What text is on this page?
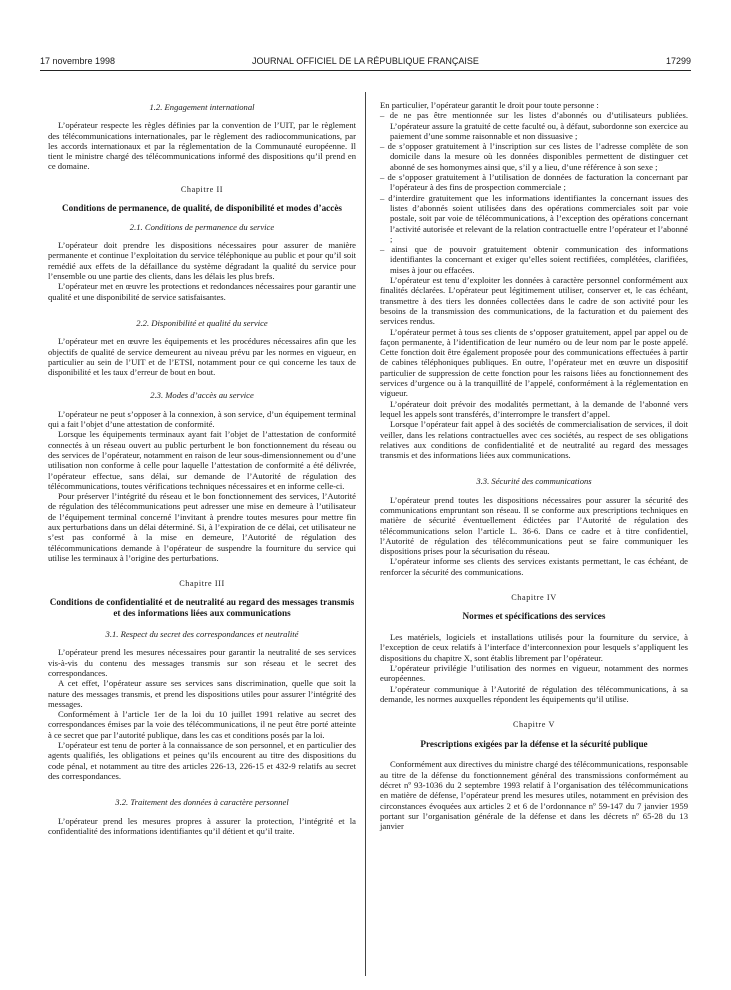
17 novembre 1998	JOURNAL OFFICIEL DE LA RÉPUBLIQUE FRANÇAISE	17299
1.2. Engagement international

L’opérateur respecte les règles définies par la convention de l’UIT, par le règlement des télécommunications internationales, par le règlement des radiocommunications, par les accords internationaux et par la réglementation de la Communauté européenne. Il tient le ministre chargé des télécommunications informé des dispositions qu’il prend en ce domaine.

Chapitre II
Conditions de permanence, de qualité, de disponibilité et modes d’accès
2.1. Conditions de permanence du service

L’opérateur doit prendre les dispositions nécessaires pour assurer de manière permanente et continue l’exploitation du service téléphonique au public et pour qu’il soit remédié aux effets de la défaillance du système dégradant la qualité du service pour l’ensemble ou une partie des clients, dans les délais les plus brefs.

L’opérateur met en œuvre les protections et redondances nécessaires pour garantir une qualité et une disponibilité de service satisfaisantes.

2.2. Disponibilité et qualité du service

L’opérateur met en œuvre les équipements et les procédures nécessaires afin que les objectifs de qualité de service demeurent au niveau prévu par les normes en vigueur, en particulier au sein de l’UIT et de l’ETSI, notamment pour ce qui concerne les taux de disponibilité et les taux d’erreur de bout en bout.

2.3. Modes d’accès au service

L’opérateur ne peut s’opposer à la connexion, à son service, d’un équipement terminal qui a fait l’objet d’une attestation de conformité.

Lorsque les équipements terminaux ayant fait l’objet de l’attestation de conformité connectés à un réseau ouvert au public perturbent le bon fonctionnement du réseau ou des services de l’opérateur, notamment en raison de leur sous-dimensionnement ou d’une utilisation non conforme à celle pour laquelle l’attestation de conformité a été délivrée, l’opérateur effectue, sans délai, sur demande de l’Autorité de régulation des télécommunications, toutes vérifications techniques nécessaires et en informe celle-ci.

Pour préserver l’intégrité du réseau et le bon fonctionnement des services, l’Autorité de régulation des télécommunications peut adresser une mise en demeure à l’utilisateur de l’équipement terminal concerné l’invitant à prendre toutes mesures pour mettre fin aux perturbations dans un délai déterminé. Si, à l’expiration de ce délai, cet utilisateur ne s’est pas conformé à la mise en demeure, l’Autorité de régulation des télécommunications demande à l’opérateur de suspendre la fourniture du service qui utilise les terminaux à l’origine des perturbations.

Chapitre III
Conditions de confidentialité et de neutralité au regard des messages transmis et des informations liées aux communications
3.1. Respect du secret des correspondances et neutralité

L’opérateur prend les mesures nécessaires pour garantir la neutralité de ses services vis-à-vis du contenu des messages transmis sur son réseau et le secret des correspondances.

A cet effet, l’opérateur assure ses services sans discrimination, quelle que soit la nature des messages transmis, et prend les dispositions utiles pour assurer l’intégrité des messages.

Conformément à l’article 1er de la loi du 10 juillet 1991 relative au secret des correspondances émises par la voie des télécommunications, il ne peut être porté atteinte à ce secret que par l’autorité publique, dans les cas et conditions posés par la loi.

L’opérateur est tenu de porter à la connaissance de son personnel, et en particulier des agents qualifiés, les obligations et peines qu’ils encourent au titre des dispositions du code pénal, et notamment au titre des articles 226-13, 226-15 et 432-9 relatifs au secret des correspondances.

3.2. Traitement des données à caractère personnel

L’opérateur prend les mesures propres à assurer la protection, l’intégrité et la confidentialité des informations identifiantes qu’il détient et qu’il traite.

En particulier, l’opérateur garantit le droit pour toute personne :

– de ne pas être mentionnée sur les listes d’abonnés ou d’utilisateurs publiées. L’opérateur assure la gratuité de cette faculté ou, à défaut, subordonne son exercice au paiement d’une somme raisonnable et non dissuasive ;
– de s’opposer gratuitement à l’inscription sur ces listes de l’adresse complète de son domicile dans la mesure où les données disponibles permettent de distinguer cet abonné de ses homonymes ainsi que, s’il y a lieu, d’une référence à son sexe ;
– de s’opposer gratuitement à l’utilisation de données de facturation la concernant par l’opérateur à des fins de prospection commerciale ;
– d’interdire gratuitement que les informations identifiantes la concernant issues des listes d’abonnés soient utilisées dans des opérations commerciales soit par voie postale, soit par voie de télécommunications, à l’exception des opérations concernant l’activité autorisée et relevant de la relation contractuelle entre l’opérateur et l’abonné ;
– ainsi que de pouvoir gratuitement obtenir communication des informations identifiantes la concernant et exiger qu’elles soient rectifiées, complétées, clarifiées, mises à jour ou effacées.

L’opérateur est tenu d’exploiter les données à caractère personnel conformément aux finalités déclarées. L’opérateur peut légitimement utiliser, conserver et, le cas échéant, transmettre à des tiers les données collectées dans le cadre de son activité pour les besoins de la transmission des communications, de la facturation et du paiement des services rendus.

L’opérateur permet à tous ses clients de s’opposer gratuitement, appel par appel ou de façon permanente, à l’identification de leur numéro ou de leur nom par le poste appelé. Cette fonction doit être également proposée pour des communications effectuées à partir de cabines téléphoniques publiques. En outre, l’opérateur met en œuvre un dispositif particulier de suppression de cette fonction pour les raisons liées au fonctionnement des services d’urgence ou à la tranquillité de l’appelé, conformément à la réglementation en vigueur.

L’opérateur doit prévoir des modalités permettant, à la demande de l’abonné vers lequel les appels sont transférés, d’interrompre le transfert d’appel.

Lorsque l’opérateur fait appel à des sociétés de commercialisation de services, il doit veiller, dans les relations contractuelles avec ces sociétés, au respect de ses obligations relatives aux conditions de confidentialité et de neutralité au regard des messages transmis et des informations liées aux communications.

3.3. Sécurité des communications

L’opérateur prend toutes les dispositions nécessaires pour assurer la sécurité des communications empruntant son réseau. Il se conforme aux prescriptions techniques en matière de sécurité éventuellement édictées par l’Autorité de régulation des télécommunications selon l’article L. 36-6. Dans ce cadre et à titre confidentiel, l’Autorité de régulation des télécommunications peut se faire communiquer les dispositions prises pour la sécurisation du réseau.

L’opérateur informe ses clients des services existants permettant, le cas échéant, de renforcer la sécurité des communications.

Chapitre IV
Normes et spécifications des services

Les matériels, logiciels et installations utilisés pour la fourniture du service, à l’exception de ceux relatifs à l’interface d’interconnexion pour lesquels s’appliquent les dispositions du chapitre X, sont établis librement par l’opérateur.

L’opérateur privilégie l’utilisation des normes en vigueur, notamment des normes européennes.

L’opérateur communique à l’Autorité de régulation des télécommunications, à sa demande, les normes auxquelles répondent les équipements qu’il utilise.

Chapitre V
Prescriptions exigées par la défense et la sécurité publique

Conformément aux directives du ministre chargé des télécommunications, responsable au titre de la défense du fonctionnement général des transmissions conformément au décret nº 93-1036 du 2 septembre 1993 relatif à l’organisation des télécommunications en matière de défense, l’opérateur prend les mesures utiles, notamment en prévision des circonstances évoquées aux articles 2 et 6 de l’ordonnance nº 59-147 du 7 janvier 1959 portant sur l’organisation générale de la défense et dans les décrets nº 65-28 du 13 janvier
